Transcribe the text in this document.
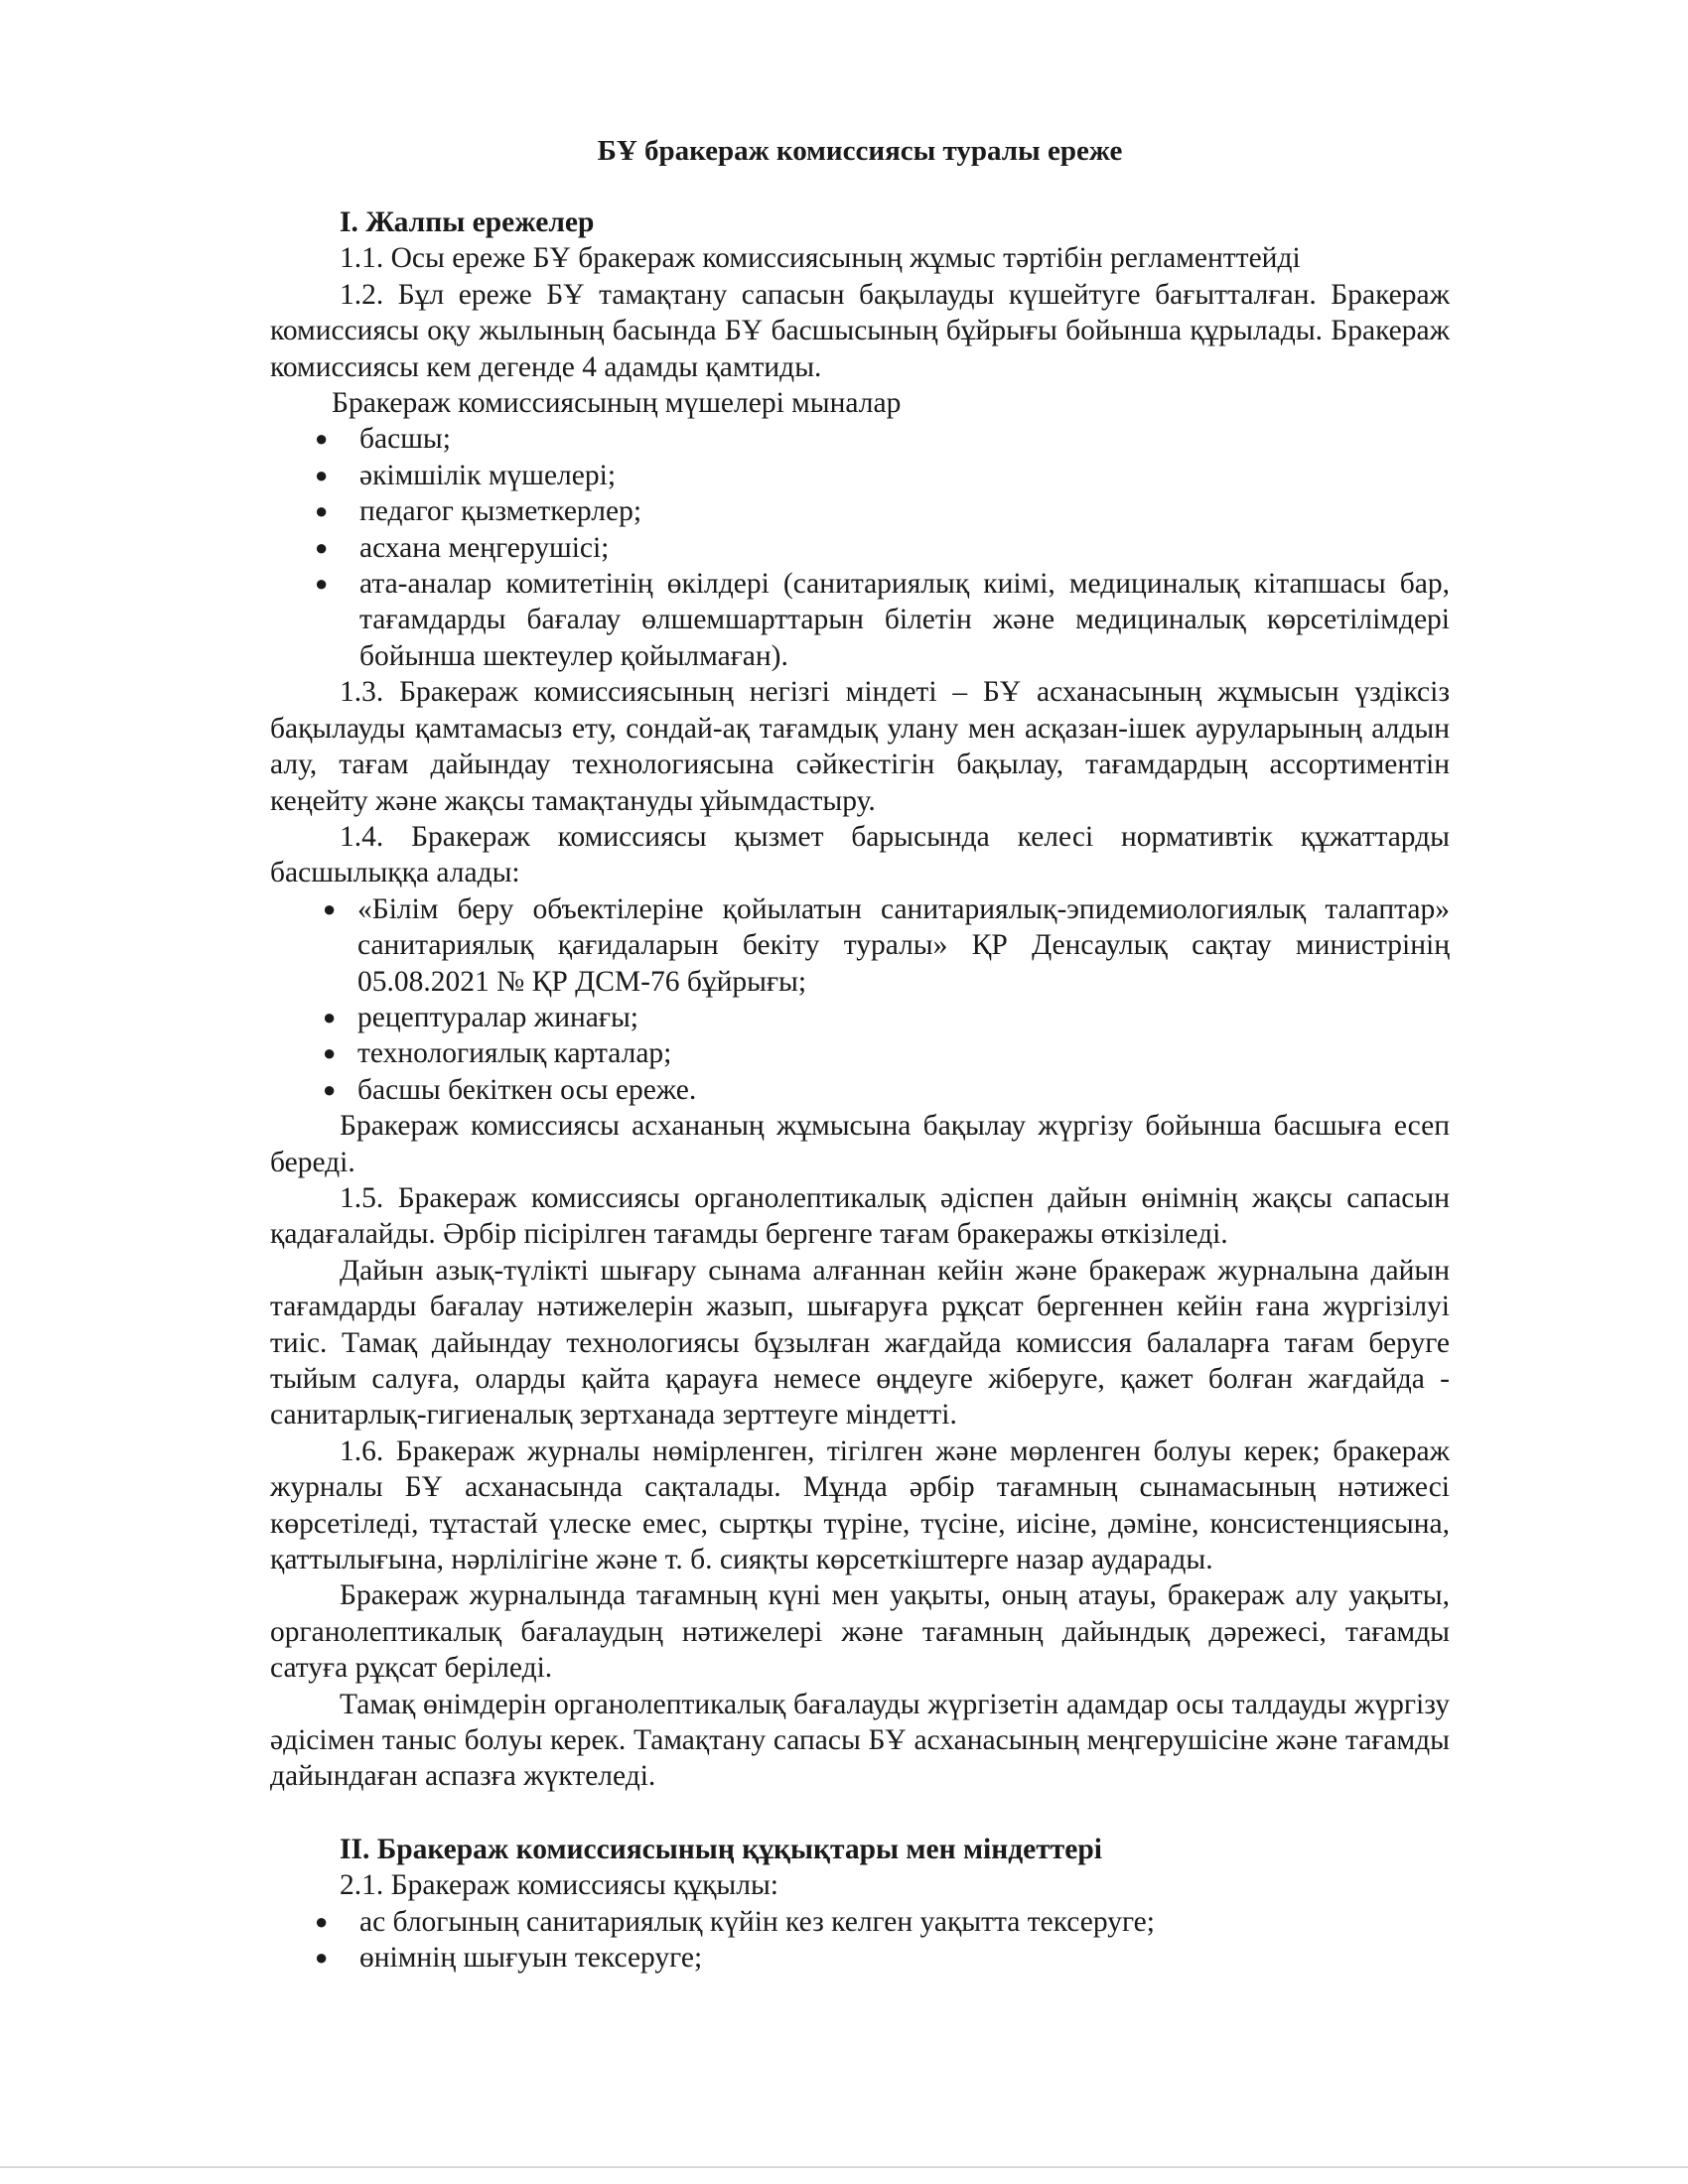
БҰ бракераж комиссиясы туралы ереже

I. Жалпы ережелер

1.1. Осы ереже БҰ бракераж комиссиясының жұмыс тәртібін регламенттейді

1.2. Бұл ереже БҰ тамақтану сапасын бақылауды күшейтуге бағытталған. Бракераж комиссиясы оқу жылының басында БҰ басшысының бұйрығы бойынша құрылады. Бракераж комиссиясы кем дегенде 4 адамды қамтиды.

Бракераж комиссиясының мүшелері мыналар

● басшы;
● әкімшілік мүшелері;
● педагог қызметкерлер;
● асхана меңгерушісі;
● ата-аналар комитетінің өкілдері (санитариялық киімі, медициналық кітапшасы бар, тағамдарды бағалау өлшемшарттарын білетін және медициналық көрсетілімдері бойынша шектеулер қойылмаған).

1.3. Бракераж комиссиясының негізгі міндеті – БҰ асханасының жұмысын үздіксіз бақылауды қамтамасыз ету, сондай-ақ тағамдық улану мен асқазан-ішек ауруларының алдын алу, тағам дайындау технологиясына сәйкестігін бақылау, тағамдардың ассортиментін кеңейту және жақсы тамақтануды ұйымдастыру.

1.4. Бракераж комиссиясы қызмет барысында келесі нормативтік құжаттарды басшылыққа алады:

● «Білім беру объектілеріне қойылатын санитариялық-эпидемиологиялық талаптар» санитариялық қағидаларын бекіту туралы» ҚР Денсаулық сақтау министрінің 05.08.2021 № ҚР ДСМ-76 бұйрығы;
● рецептуралар жинағы;
● технологиялық карталар;
● басшы бекіткен осы ереже.

Бракераж комиссиясы асхананың жұмысына бақылау жүргізу бойынша басшыға есеп береді.

1.5. Бракераж комиссиясы органолептикалық әдіспен дайын өнімнің жақсы сапасын қадағалайды. Әрбір пісірілген тағамды бергенге тағам бракеражы өткізіледі.

Дайын азық-түлікті шығару сынама алғаннан кейін және бракераж журналына дайын тағамдарды бағалау нәтижелерін жазып, шығаруға рұқсат бергеннен кейін ғана жүргізілуі тиіс. Тамақ дайындау технологиясы бұзылған жағдайда комиссия балаларға тағам беруге тыйым салуға, оларды қайта қарауға немесе өңдеуге жіберуге, қажет болған жағдайда - санитарлық-гигиеналық зертханада зерттеуге міндетті.

1.6. Бракераж журналы нөмірленген, тігілген және мөрленген болуы керек; бракераж журналы БҰ асханасында сақталады. Мұнда әрбір тағамның сынамасының нәтижесі көрсетіледі, тұтастай үлеске емес, сыртқы түріне, түсіне, иісіне, дәміне, консистенциясына, қаттылығына, нәрлілігіне және т. б. сияқты көрсеткіштерге назар аударады.

Бракераж журналында тағамның күні мен уақыты, оның атауы, бракераж алу уақыты, органолептикалық бағалаудың нәтижелері және тағамның дайындық дәрежесі, тағамды сатуға рұқсат беріледі.

Тамақ өнімдерін органолептикалық бағалауды жүргізетін адамдар осы талдауды жүргізу әдісімен таныс болуы керек. Тамақтану сапасы БҰ асханасының меңгерушісіне және тағамды дайындаған аспазға жүктеледі.

II. Бракераж комиссиясының құқықтары мен міндеттері

2.1. Бракераж комиссиясы құқылы:

● ас блогының санитариялық күйін кез келген уақытта тексеруге;
● өнімнің шығуын тексеруге;
